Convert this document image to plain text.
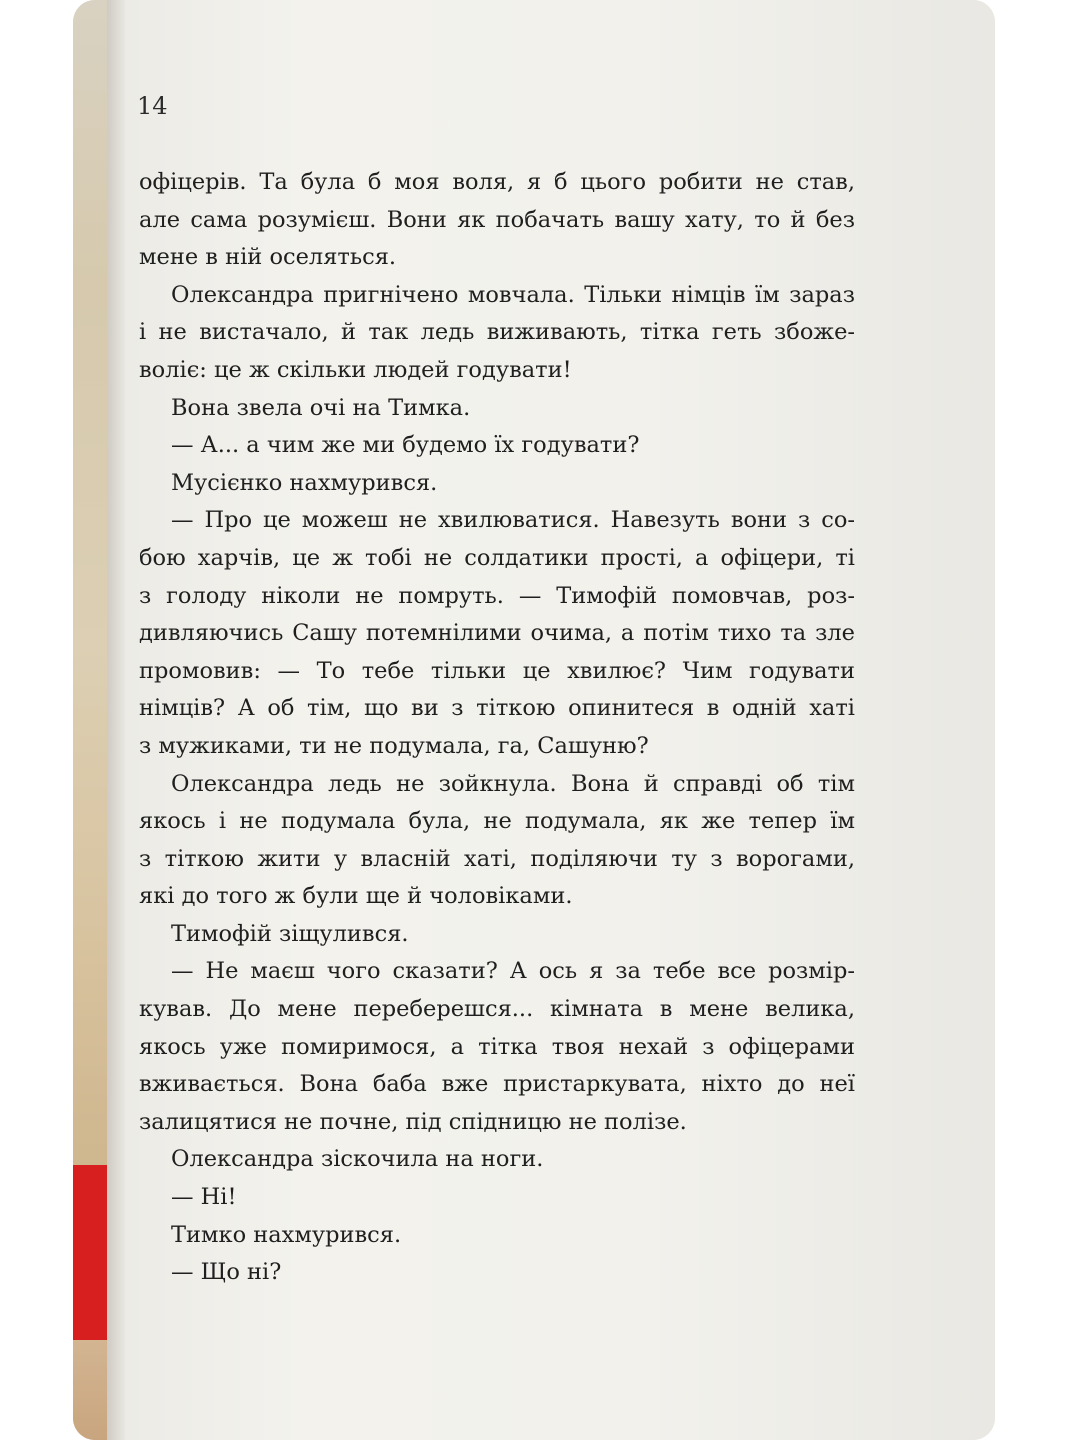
14

офіцерів. Та була б моя воля, я б цього робити не став,
але сама розумієш. Вони як побачать вашу хату, то й без
мене в ній оселяться.

Олександра пригнічено мовчала. Тільки німців їм зараз
і не вистачало, й так ледь виживають, тітка геть збоже-
воліє: це ж скільки людей годувати!

Вона звела очі на Тимка.

— А... а чим же ми будемо їх годувати?

Мусієнко нахмурився.

— Про це можеш не хвилюватися. Навезуть вони з со-
бою харчів, це ж тобі не солдатики прості, а офіцери, ті
з голоду ніколи не помруть. — Тимофій помовчав, роз-
дивляючись Сашу потемнілими очима, а потім тихо та зле
промовив: — То тебе тільки це хвилює? Чим годувати
німців? А об тім, що ви з тіткою опинитеся в одній хаті
з мужиками, ти не подумала, га, Сашуню?

Олександра ледь не зойкнула. Вона й справді об тім
якось і не подумала була, не подумала, як же тепер їм
з тіткою жити у власній хаті, поділяючи ту з ворогами,
які до того ж були ще й чоловіками.

Тимофій зіщулився.

— Не маєш чого сказати? А ось я за тебе все розмір-
кував. До мене переберешся... кімната в мене велика,
якось уже помиримося, а тітка твоя нехай з офіцерами
вживається. Вона баба вже пристаркувата, ніхто до неї
залицятися не почне, під спідницю не полізе.

Олександра зіскочила на ноги.

— Ні!

Тимко нахмурився.

— Що ні?
